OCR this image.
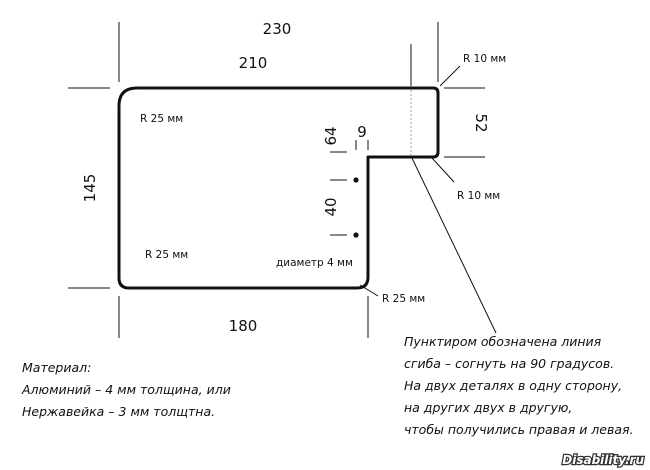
230
210
180
145
52
64 9
40
R 25 мм
R 25 мм
R 25 мм
R 10 мм
R 10 мм
диаметр 4 мм
Материал:
Алюминий – 4 мм толщина, или
Нержавейка – 3 мм толщтна.
Пунктиром обозначена линия
сгиба – согнуть на 90 градусов.
На двух деталях в одну сторону,
на других двух в другую,
чтобы получились правая и левая.
Disability.ru
